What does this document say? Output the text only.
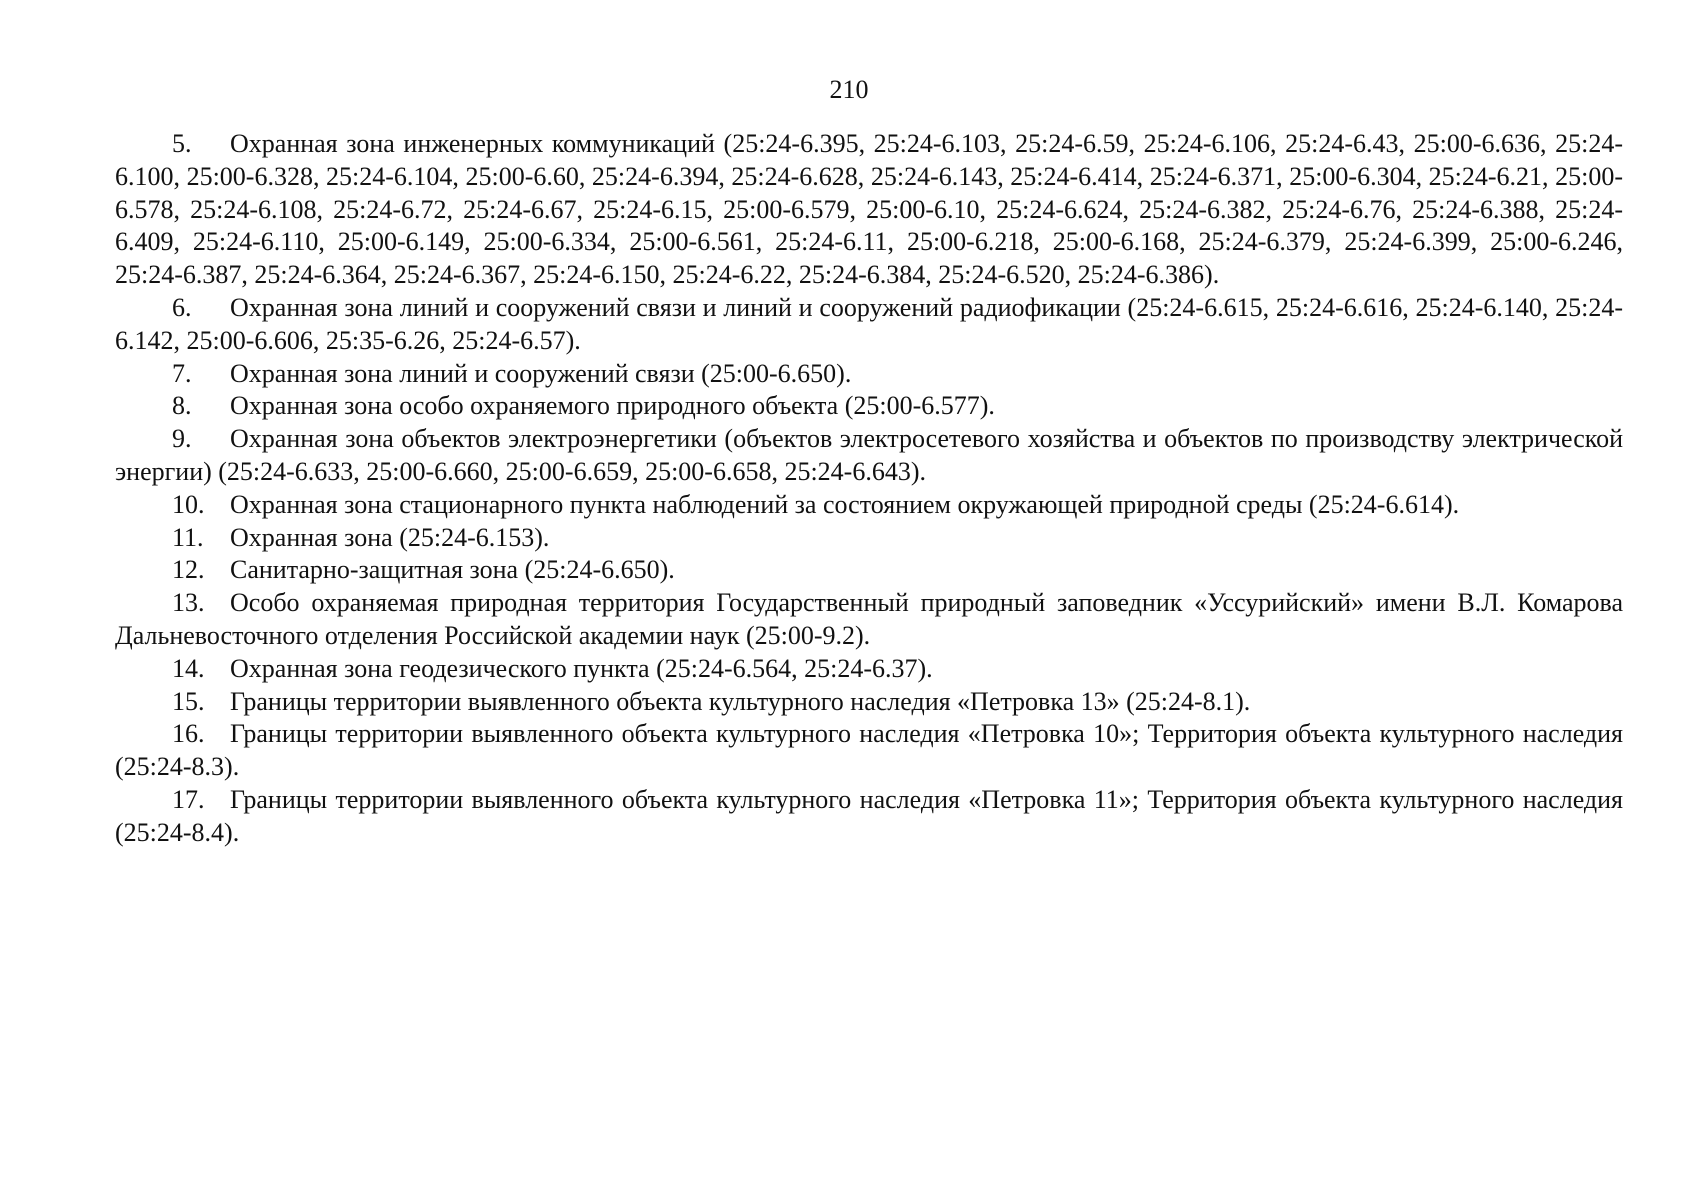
210

5. Охранная зона инженерных коммуникаций (25:24-6.395, 25:24-6.103, 25:24-6.59, 25:24-6.106, 25:24-6.43, 25:00-6.636, 25:24-6.100, 25:00-6.328, 25:24-6.104, 25:00-6.60, 25:24-6.394, 25:24-6.628, 25:24-6.143, 25:24-6.414, 25:24-6.371, 25:00-6.304, 25:24-6.21, 25:00-6.578, 25:24-6.108, 25:24-6.72, 25:24-6.67, 25:24-6.15, 25:00-6.579, 25:00-6.10, 25:24-6.624, 25:24-6.382, 25:24-6.76, 25:24-6.388, 25:24-6.409, 25:24-6.110, 25:00-6.149, 25:00-6.334, 25:00-6.561, 25:24-6.11, 25:00-6.218, 25:00-6.168, 25:24-6.379, 25:24-6.399, 25:00-6.246, 25:24-6.387, 25:24-6.364, 25:24-6.367, 25:24-6.150, 25:24-6.22, 25:24-6.384, 25:24-6.520, 25:24-6.386).

6. Охранная зона линий и сооружений связи и линий и сооружений радиофикации (25:24-6.615, 25:24-6.616, 25:24-6.140, 25:24-6.142, 25:00-6.606, 25:35-6.26, 25:24-6.57).

7. Охранная зона линий и сооружений связи (25:00-6.650).

8. Охранная зона особо охраняемого природного объекта (25:00-6.577).

9. Охранная зона объектов электроэнергетики (объектов электросетевого хозяйства и объектов по производству электрической энергии) (25:24-6.633, 25:00-6.660, 25:00-6.659, 25:00-6.658, 25:24-6.643).

10. Охранная зона стационарного пункта наблюдений за состоянием окружающей природной среды (25:24-6.614).

11. Охранная зона (25:24-6.153).

12. Санитарно-защитная зона (25:24-6.650).

13. Особо охраняемая природная территория Государственный природный заповедник «Уссурийский» имени В.Л. Комарова Дальневосточного отделения Российской академии наук (25:00-9.2).

14. Охранная зона геодезического пункта (25:24-6.564, 25:24-6.37).

15. Границы территории выявленного объекта культурного наследия «Петровка 13» (25:24-8.1).

16. Границы территории выявленного объекта культурного наследия «Петровка 10»; Территория объекта культурного наследия (25:24-8.3).

17. Границы территории выявленного объекта культурного наследия «Петровка 11»; Территория объекта культурного наследия (25:24-8.4).
